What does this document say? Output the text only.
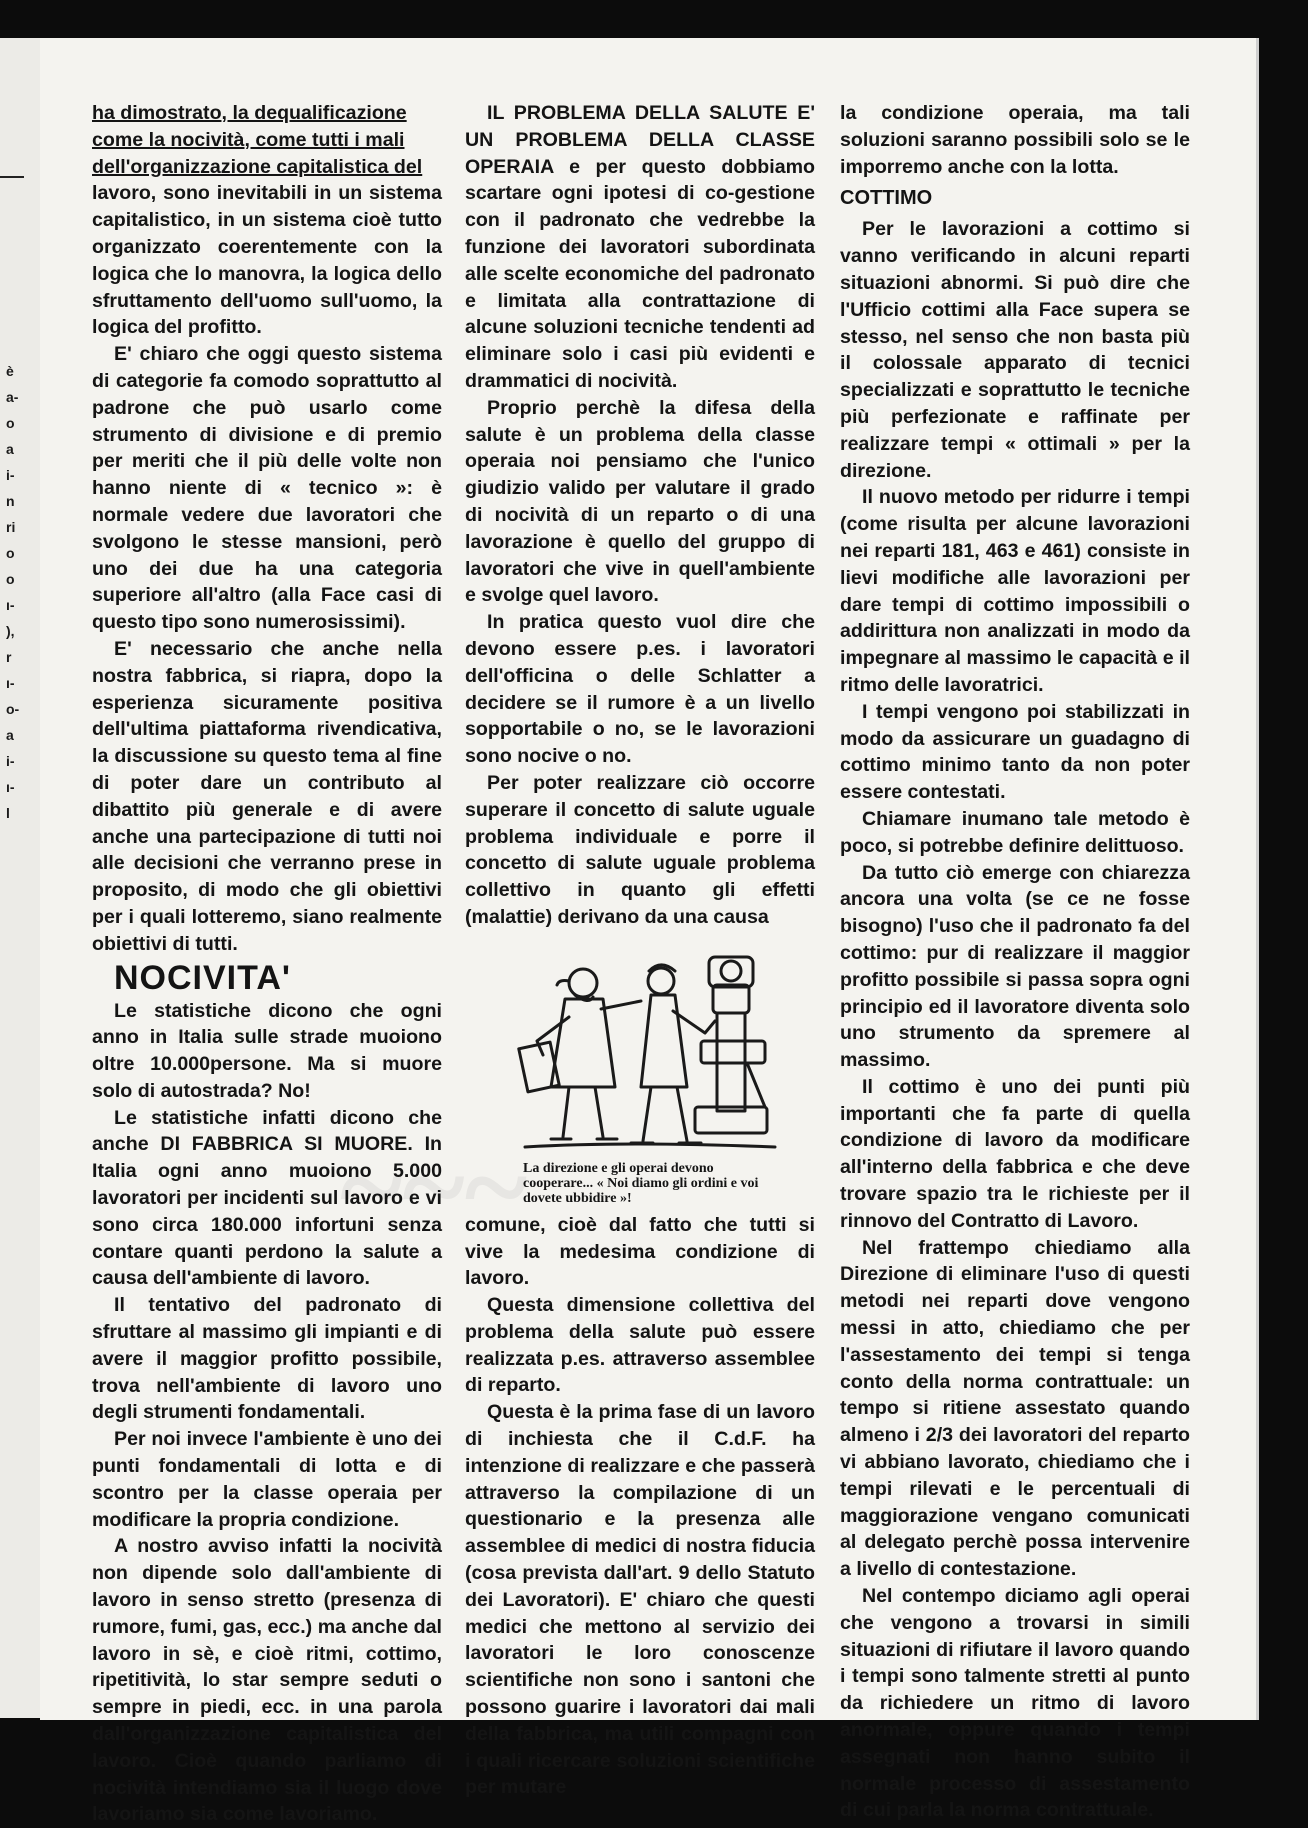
è
a-
o
a
i-
n
ri
o
o
ı-
),
r
ı-
o-
a
i-
ı-
l
~~~
ha dimostrato, la dequalificazione
come la nocività, come tutti i mali
dell'organizzazione capitalistica del

lavoro, sono inevitabili in un sistema capitalistico, in un sistema cioè tutto organizzato coerentemente con la logica che lo manovra, la logica dello sfruttamento dell'uomo sull'uomo, la logica del profitto.

E' chiaro che oggi questo sistema di categorie fa comodo soprattutto al padrone che può usarlo come strumento di divisione e di premio per meriti che il più delle volte non hanno niente di « tecnico »: è normale vedere due lavoratori che svolgono le stesse mansioni, però uno dei due ha una categoria superiore all'altro (alla Face casi di questo tipo sono numerosissimi).

E' necessario che anche nella nostra fabbrica, si riapra, dopo la esperienza sicuramente positiva dell'ultima piattaforma rivendicativa, la discussione su questo tema al fine di poter dare un contributo al dibattito più generale e di avere anche una partecipazione di tutti noi alle decisioni che verranno prese in proposito, di modo che gli obiettivi per i quali lotteremo, siano realmente obiettivi di tutti.

NOCIVITA'

Le statistiche dicono che ogni anno in Italia sulle strade muoiono oltre 10.000persone. Ma si muore solo di autostrada? No!

Le statistiche infatti dicono che anche DI FABBRICA SI MUORE. In Italia ogni anno muoiono 5.000 lavoratori per incidenti sul lavoro e vi sono circa 180.000 infortuni senza contare quanti perdono la salute a causa dell'ambiente di lavoro.

Il tentativo del padronato di sfruttare al massimo gli impianti e di avere il maggior profitto possibile, trova nell'ambiente di lavoro uno degli strumenti fondamentali.

Per noi invece l'ambiente è uno dei punti fondamentali di lotta e di scontro per la classe operaia per modificare la propria condizione.

A nostro avviso infatti la nocività non dipende solo dall'ambiente di lavoro in senso stretto (presenza di rumore, fumi, gas, ecc.) ma anche dal lavoro in sè, e cioè ritmi, cottimo, ripetitività, lo star sempre seduti o sempre in piedi, ecc. in una parola dall'organizzazione capitalistica del lavoro. Cioè quando parliamo di nocività intendiamo sia il luogo dove lavoriamo sia come lavoriamo.

IL PROBLEMA DELLA SALUTE E' UN PROBLEMA DELLA CLASSE OPERAIA e per questo dobbiamo scartare ogni ipotesi di co-gestione con il padronato che vedrebbe la funzione dei lavoratori subordinata alle scelte economiche del padronato e limitata alla contrattazione di alcune soluzioni tecniche tendenti ad eliminare solo i casi più evidenti e drammatici di nocività.

Proprio perchè la difesa della salute è un problema della classe operaia noi pensiamo che l'unico giudizio valido per valutare il grado di nocività di un reparto o di una lavorazione è quello del gruppo di lavoratori che vive in quell'ambiente e svolge quel lavoro.

In pratica questo vuol dire che devono essere p.es. i lavoratori dell'officina o delle Schlatter a decidere se il rumore è a un livello sopportabile o no, se le lavorazioni sono nocive o no.

Per poter realizzare ciò occorre superare il concetto di salute uguale problema individuale e porre il concetto di salute uguale problema collettivo in quanto gli effetti (malattie) derivano da una causa

~~
La direzione e gli operai devono cooperare... « Noi diamo gli ordini e voi dovete ubbidire »!

comune, cioè dal fatto che tutti si vive la medesima condizione di lavoro.

Questa dimensione collettiva del problema della salute può essere realizzata p.es. attraverso assemblee di reparto.

Questa è la prima fase di un lavoro di inchiesta che il C.d.F. ha intenzione di realizzare e che passerà attraverso la compilazione di un questionario e la presenza alle assemblee di medici di nostra fiducia (cosa prevista dall'art. 9 dello Statuto dei Lavoratori). E' chiaro che questi medici che mettono al servizio dei lavoratori le loro conoscenze scientifiche non sono i santoni che possono guarire i lavoratori dai mali della fabbrica, ma utili compagni con i quali ricercare soluzioni scientifiche per mutare

la condizione operaia, ma tali soluzioni saranno possibili solo se le imporremo anche con la lotta.

COTTIMO

Per le lavorazioni a cottimo si vanno verificando in alcuni reparti situazioni abnormi. Si può dire che l'Ufficio cottimi alla Face supera se stesso, nel senso che non basta più il colossale apparato di tecnici specializzati e soprattutto le tecniche più perfezionate e raffinate per realizzare tempi « ottimali » per la direzione.

Il nuovo metodo per ridurre i tempi (come risulta per alcune lavorazioni nei reparti 181, 463 e 461) consiste in lievi modifiche alle lavorazioni per dare tempi di cottimo impossibili o addirittura non analizzati in modo da impegnare al massimo le capacità e il ritmo delle lavoratrici.

I tempi vengono poi stabilizzati in modo da assicurare un guadagno di cottimo minimo tanto da non poter essere contestati.

Chiamare inumano tale metodo è poco, si potrebbe definire delittuoso.

Da tutto ciò emerge con chiarezza ancora una volta (se ce ne fosse bisogno) l'uso che il padronato fa del cottimo: pur di realizzare il maggior profitto possibile si passa sopra ogni principio ed il lavoratore diventa solo uno strumento da spremere al massimo.

Il cottimo è uno dei punti più importanti che fa parte di quella condizione di lavoro da modificare all'interno della fabbrica e che deve trovare spazio tra le richieste per il rinnovo del Contratto di Lavoro.

Nel frattempo chiediamo alla Direzione di eliminare l'uso di questi metodi nei reparti dove vengono messi in atto, chiediamo che per l'assestamento dei tempi si tenga conto della norma contrattuale: un tempo si ritiene assestato quando almeno i 2/3 dei lavoratori del reparto vi abbiano lavorato, chiediamo che i tempi rilevati e le percentuali di maggiorazione vengano comunicati al delegato perchè possa intervenire a livello di contestazione.

Nel contempo diciamo agli operai che vengono a trovarsi in simili situazioni di rifiutare il lavoro quando i tempi sono talmente stretti al punto da richiedere un ritmo di lavoro anormale, oppure quando i tempi assegnati non hanno subito il normale processo di assestamento di cui parla la norma contrattuale.
